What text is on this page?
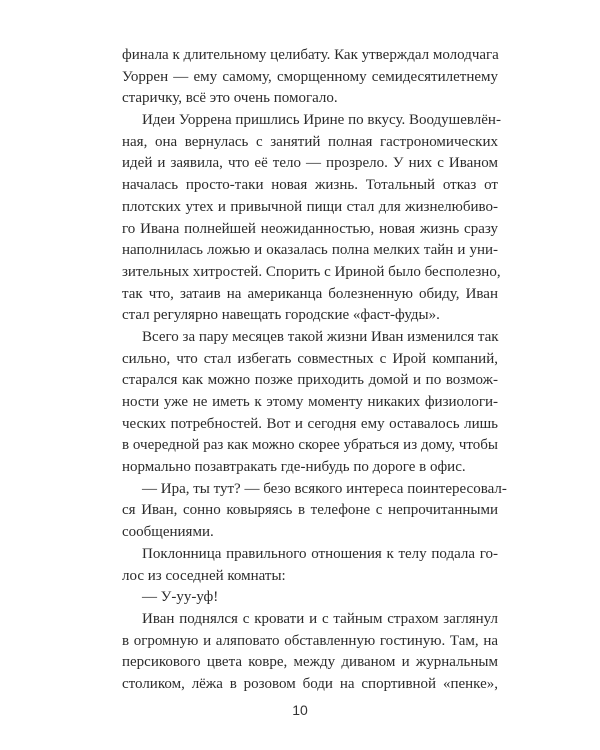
финала к длительному целибату. Как утверждал молодчага
Уоррен — ему самому, сморщенному семидесятилетнему
старичку, всё это очень помогало.
Идеи Уоррена пришлись Ирине по вкусу. Воодушевлён-
ная, она вернулась с занятий полная гастрономических
идей и заявила, что её тело — прозрело. У них с Иваном
началась просто-таки новая жизнь. Тотальный отказ от
плотских утех и привычной пищи стал для жизнелюбиво-
го Ивана полнейшей неожиданностью, новая жизнь сразу
наполнилась ложью и оказалась полна мелких тайн и уни-
зительных хитростей. Спорить с Ириной было бесполезно,
так что, затаив на американца болезненную обиду, Иван
стал регулярно навещать городские «фаст-фуды».
Всего за пару месяцев такой жизни Иван изменился так
сильно, что стал избегать совместных с Ирой компаний,
старался как можно позже приходить домой и по возмож-
ности уже не иметь к этому моменту никаких физиологи-
ческих потребностей. Вот и сегодня ему оставалось лишь
в очередной раз как можно скорее убраться из дому, чтобы
нормально позавтракать где-нибудь по дороге в офис.
— Ира, ты тут? — безо всякого интереса поинтересовал-
ся Иван, сонно ковыряясь в телефоне с непрочитанными
сообщениями.
Поклонница правильного отношения к телу подала го-
лос из соседней комнаты:
— У-уу-уф!
Иван поднялся с кровати и с тайным страхом заглянул
в огромную и аляповато обставленную гостиную. Там, на
персикового цвета ковре, между диваном и журнальным
столиком, лёжа в розовом боди на спортивной «пенке»,
10
